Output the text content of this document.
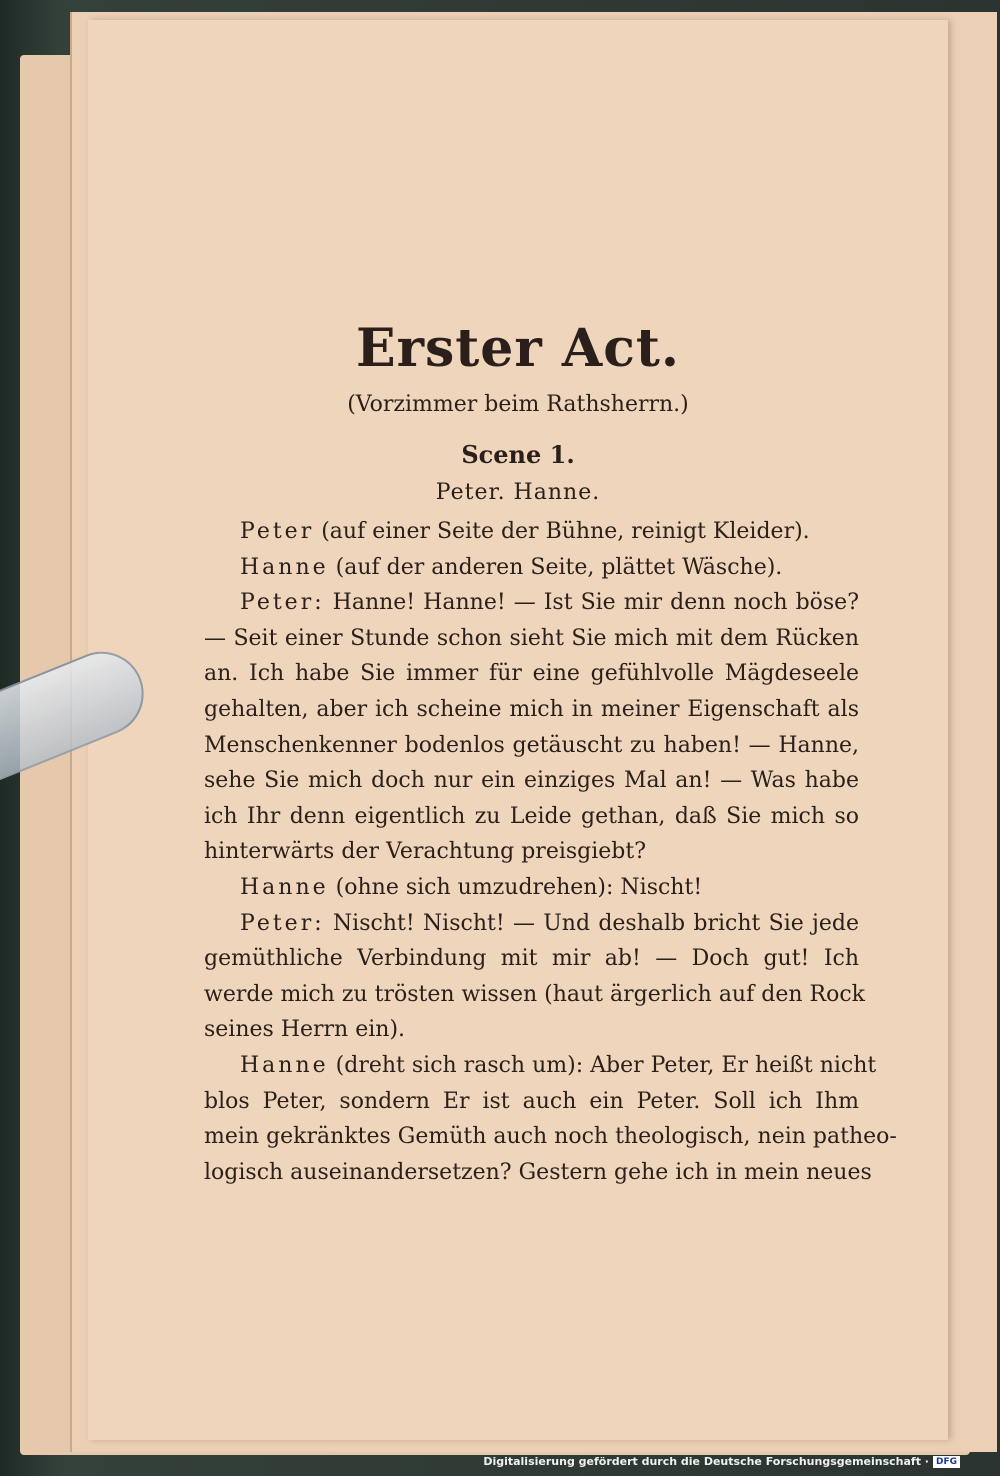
Erster Act.
(Vorzimmer beim Rathsherrn.)
Scene 1.
Peter. Hanne.
Peter (auf einer Seite der Bühne, reinigt Kleider).
Hanne (auf der anderen Seite, plättet Wäsche).
Peter: Hanne! Hanne! — Ist Sie mir denn noch böse?
— Seit einer Stunde schon sieht Sie mich mit dem Rücken
an. Ich habe Sie immer für eine gefühlvolle Mägdeseele
gehalten, aber ich scheine mich in meiner Eigenschaft als
Menschenkenner bodenlos getäuscht zu haben! — Hanne,
sehe Sie mich doch nur ein einziges Mal an! — Was habe
ich Ihr denn eigentlich zu Leide gethan, daß Sie mich so
hinterwärts der Verachtung preisgiebt?
Hanne (ohne sich umzudrehen): Nischt!
Peter: Nischt! Nischt! — Und deshalb bricht Sie jede
gemüthliche Verbindung mit mir ab! — Doch gut! Ich
werde mich zu trösten wissen (haut ärgerlich auf den Rock
seines Herrn ein).
Hanne (dreht sich rasch um): Aber Peter, Er heißt nicht
blos Peter, sondern Er ist auch ein Peter. Soll ich Ihm
mein gekränktes Gemüth auch noch theologisch, nein patheo-
logisch auseinandersetzen? Gestern gehe ich in mein neues
Digitalisierung gefördert durch die Deutsche Forschungsgemeinschaft · DFG
